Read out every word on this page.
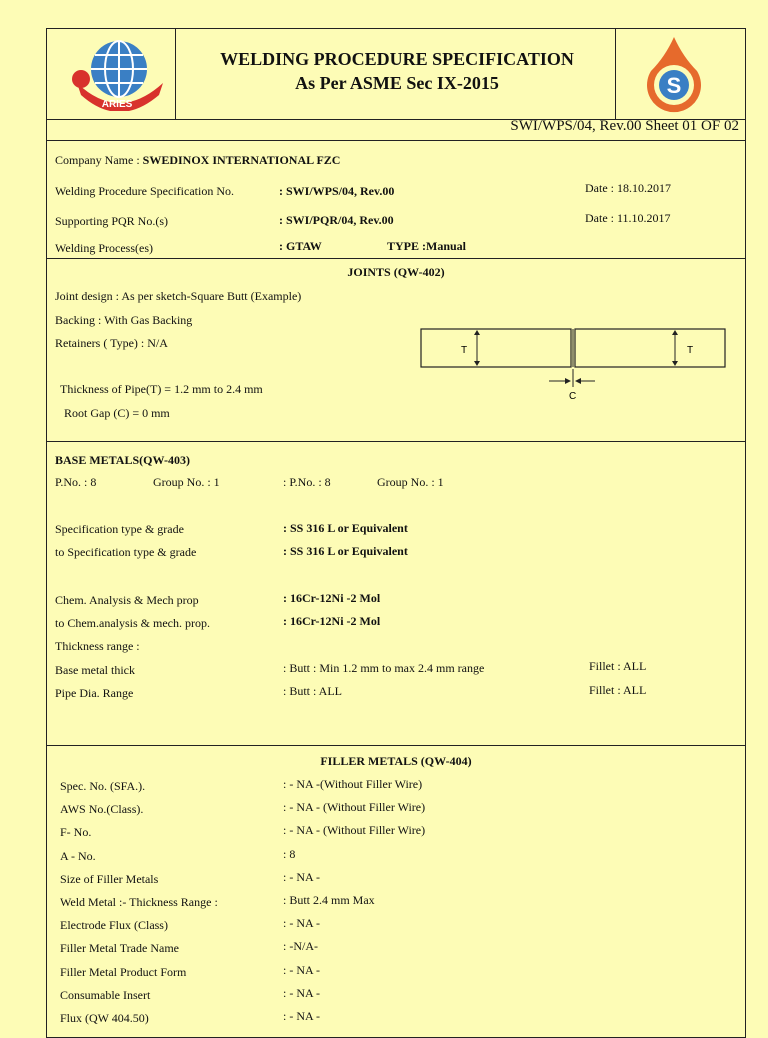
ARIES
WELDING PROCEDURE SPECIFICATION
As Per ASME Sec IX-2015	S
SWI/WPS/04, Rev.00 Sheet 01 OF 02
Company Name : SWEDINOX INTERNATIONAL FZC
Welding Procedure Specification No.	: SWI/WPS/04, Rev.00	Date : 18.10.2017
Supporting PQR No.(s)	: SWI/PQR/04, Rev.00	Date : 11.10.2017
Welding Process(es)	: GTAW	TYPE :Manual
JOINTS (QW-402)
Joint design : As per sketch-Square Butt (Example)
Backing : With Gas Backing
Retainers ( Type) : N/A
Thickness of Pipe(T) = 1.2 mm to 2.4 mm
Root Gap (C) = 0 mm
T	T
C
BASE METALS(QW-403)
P.No. : 8	Group No. : 1	: P.No. : 8	Group No. : 1
Specification type & grade	: SS 316 L or Equivalent
to Specification type & grade	: SS 316 L or Equivalent
Chem. Analysis & Mech prop	: 16Cr-12Ni -2 Mol
to Chem.analysis & mech. prop.	: 16Cr-12Ni -2 Mol
Thickness range :
Base metal thick	: Butt : Min 1.2 mm to max 2.4 mm range	Fillet : ALL
Pipe Dia. Range	: Butt : ALL	Fillet : ALL
FILLER METALS (QW-404)
Spec. No. (SFA.).	: - NA -(Without Filler Wire)
AWS No.(Class).	: - NA - (Without Filler Wire)
F- No.	: - NA - (Without Filler Wire)
A - No.	: 8
Size of Filler Metals	: - NA -
Weld Metal :- Thickness Range :	: Butt 2.4 mm Max
Electrode Flux (Class)	: - NA -
Filler Metal Trade Name	: -N/A-
Filler Metal Product Form	: - NA -
Consumable Insert	: - NA -
Flux (QW 404.50)	: - NA -
